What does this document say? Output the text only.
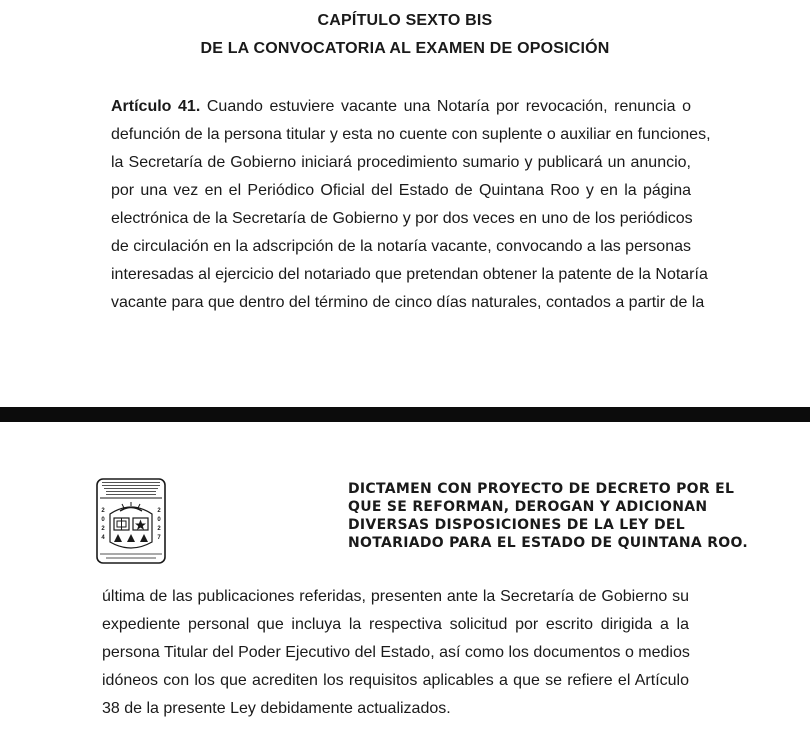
CAPÍTULO SEXTO BIS
DE LA CONVOCATORIA AL EXAMEN DE OPOSICIÓN
Artículo 41. Cuando estuviere vacante una Notaría por revocación, renuncia o
defunción de la persona titular y esta no cuente con suplente o auxiliar en funciones,
la Secretaría de Gobierno iniciará procedimiento sumario y publicará un anuncio,
por una vez en el Periódico Oficial del Estado de Quintana Roo y en la página
electrónica de la Secretaría de Gobierno y por dos veces en uno de los periódicos
de circulación en la adscripción de la notaría vacante, convocando a las personas
interesadas al ejercicio del notariado que pretendan obtener la patente de la Notaría
vacante para que dentro del término de cinco días naturales, contados a partir de la
2
0
2
4
2
0
2
7
DICTAMEN CON PROYECTO DE DECRETO POR EL
QUE SE REFORMAN, DEROGAN Y ADICIONAN
DIVERSAS DISPOSICIONES DE LA LEY DEL
NOTARIADO PARA EL ESTADO DE QUINTANA ROO.
última de las publicaciones referidas, presenten ante la Secretaría de Gobierno su
expediente personal que incluya la respectiva solicitud por escrito dirigida a la
persona Titular del Poder Ejecutivo del Estado, así como los documentos o medios
idóneos con los que acrediten los requisitos aplicables a que se refiere el Artículo
38 de la presente Ley debidamente actualizados.
